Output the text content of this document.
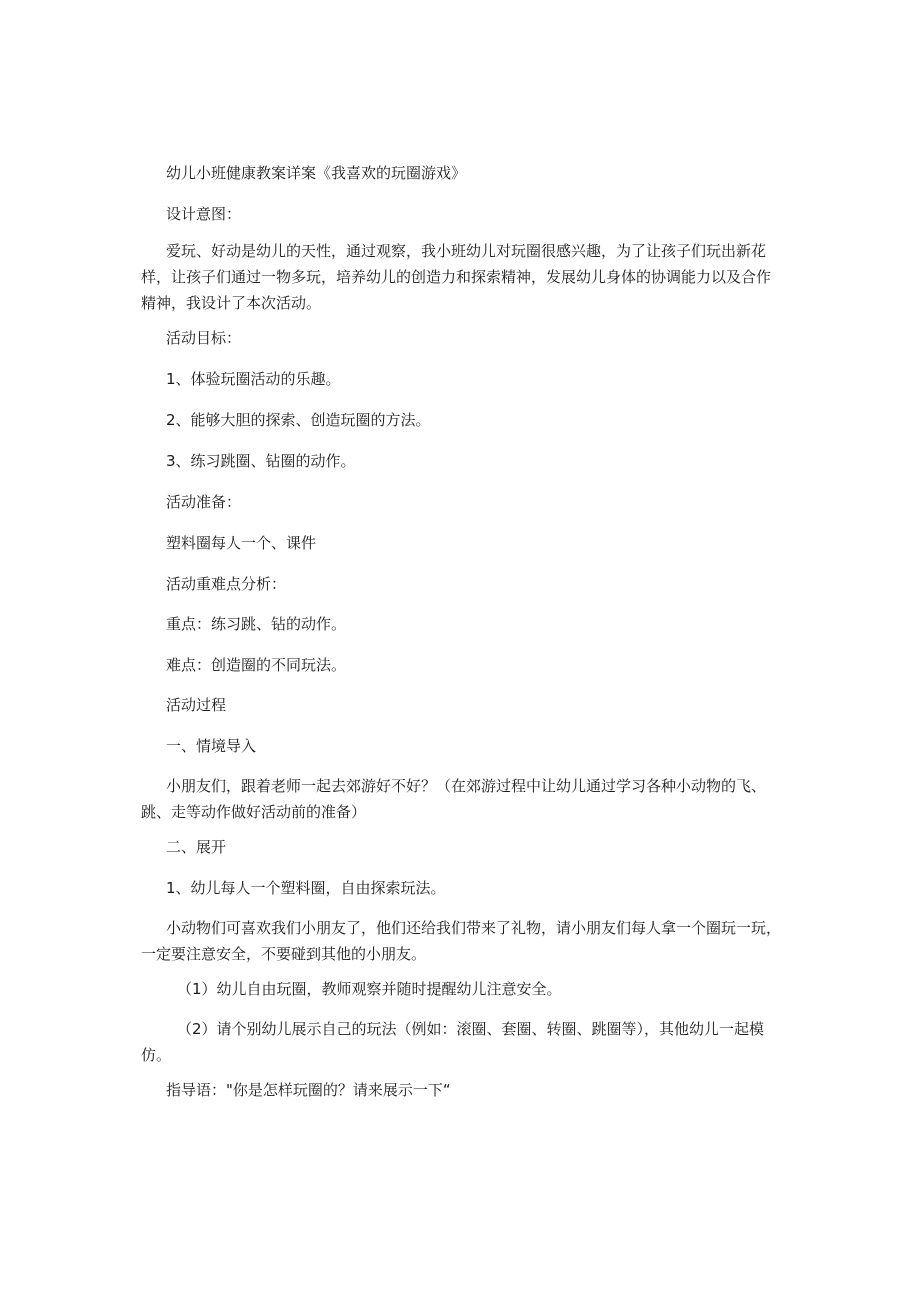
幼儿小班健康教案详案《我喜欢的玩圈游戏》

设计意图：

爱玩、好动是幼儿的天性，通过观察，我小班幼儿对玩圈很感兴趣，为了让孩子们玩出新花样，让孩子们通过一物多玩，培养幼儿的创造力和探索精神，发展幼儿身体的协调能力以及合作精神，我设计了本次活动。

活动目标：

1、体验玩圈活动的乐趣。

2、能够大胆的探索、创造玩圈的方法。

3、练习跳圈、钻圈的动作。

活动准备：

塑料圈每人一个、课件

活动重难点分析：

重点：练习跳、钻的动作。

难点：创造圈的不同玩法。

活动过程

一、情境导入

小朋友们，跟着老师一起去郊游好不好？（在郊游过程中让幼儿通过学习各种小动物的飞、跳、走等动作做好活动前的准备）

二、展开

1、幼儿每人一个塑料圈，自由探索玩法。

小动物们可喜欢我们小朋友了，他们还给我们带来了礼物，请小朋友们每人拿一个圈玩一玩，一定要注意安全，不要碰到其他的小朋友。

（1）幼儿自由玩圈，教师观察并随时提醒幼儿注意安全。

（2）请个别幼儿展示自己的玩法（例如：滚圈、套圈、转圈、跳圈等），其他幼儿一起模仿。

指导语："你是怎样玩圈的？请来展示一下“
